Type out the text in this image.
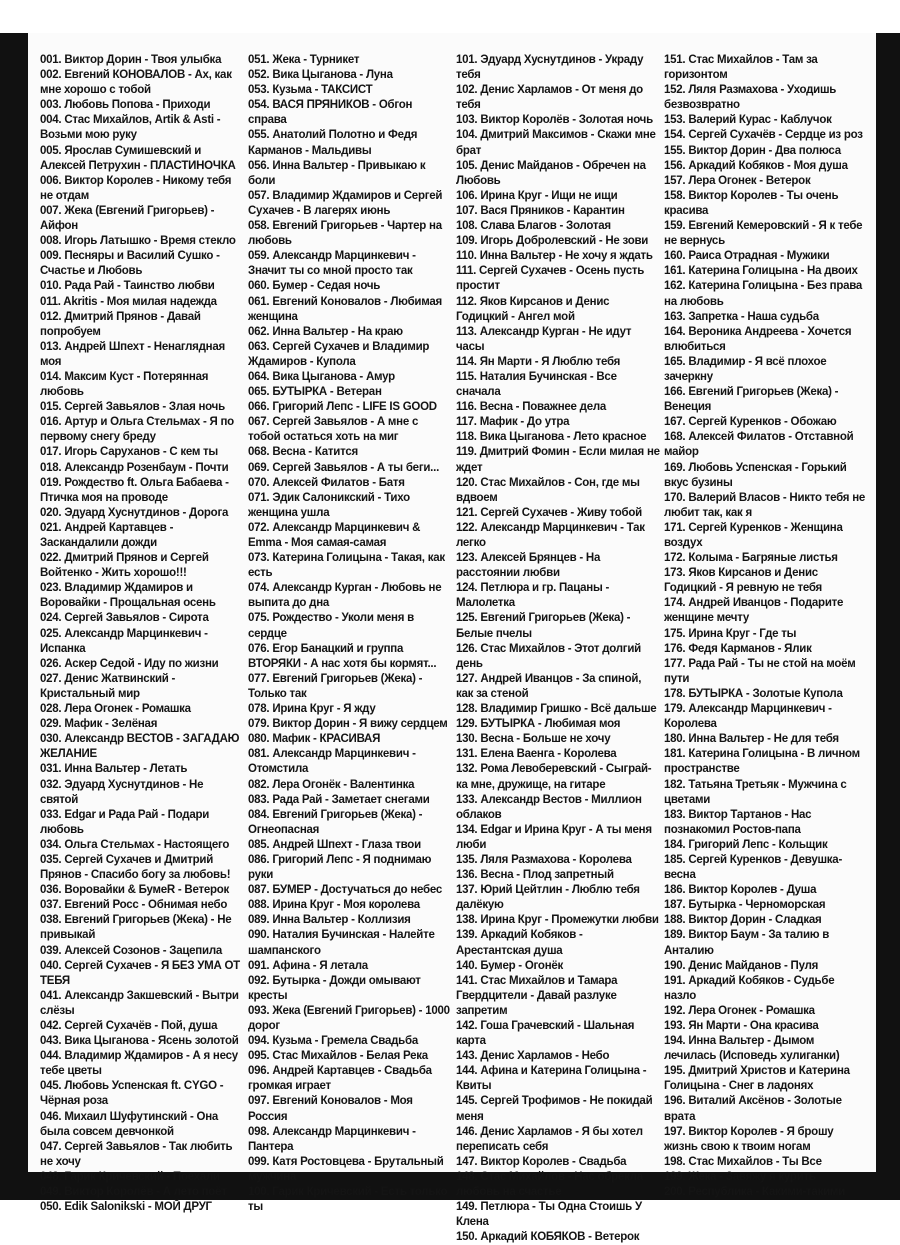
001. Виктор Дорин - Твоя улыбка
002. Евгений КОНОВАЛОВ - Ах, как мне хорошо с тобой
003. Любовь Попова - Приходи
004. Стас Михайлов, Artik & Asti - Возьми мою руку
005. Ярослав Сумишевский и Алексей Петрухин - ПЛАСТИНОЧКА
006. Виктор Королев - Никому тебя не отдам
007. Жека (Евгений Григорьев) - Айфон
008. Игорь Латышко - Время стекло
009. Песняры и Василий Сушко - Счастье и Любовь
010. Рада Рай - Таинство любви
011. Akritis - Моя милая надежда
012. Дмитрий Прянов - Давай попробуем
013. Андрей Шпехт - Ненаглядная моя
014. Максим Куст - Потерянная любовь
015. Сергей Завьялов - Злая ночь
016. Артур и Ольга Стельмах - Я по первому снегу бреду
017. Игорь Саруханов - С кем ты
018. Александр Розенбаум - Почти
019. Рождество ft. Ольга Бабаева - Птичка моя на проводе
020. Эдуард Хуснутдинов - Дорога
021. Андрей Картавцев - Заскандалили дожди
022. Дмитрий Прянов и Сергей Войтенко - Жить хорошо!!!
023. Владимир Ждамиров и Воровайки - Прощальная осень
024. Сергей Завьялов - Сирота
025. Александр Марцинкевич - Испанка
026. Аскер Седой - Иду по жизни
027. Денис Жатвинский - Кристальный мир
028. Лера Огонек - Ромашка
029. Мафик - Зелёная
030. Александр ВЕСТОВ - ЗАГАДАЮ ЖЕЛАНИЕ
031. Инна Вальтер - Летать
032. Эдуард Хуснутдинов - Не святой
033. Edgar и Рада Рай - Подари любовь
034. Ольга Стельмах - Настоящего
035. Сергей Сухачев и Дмитрий Прянов - Спасибо богу за любовь!
036. Воровайки & БумеR - Ветерок
037. Евгений Росс - Обнимая небо
038. Евгений Григорьев (Жека) - Не привыкай
039. Алексей Созонов - Зацепила
040. Сергей Сухачев - Я БЕЗ УМА ОТ ТЕБЯ
041. Александр Закшевский - Вытри слёзы
042. Сергей Сухачёв - Пой, душа
043. Вика Цыганова - Ясень золотой
044. Владимир Ждамиров - А я несу тебе цветы
045. Любовь Успенская ft. CYGO - Чёрная роза
046. Михаил Шуфутинский - Она была совсем девчонкой
047. Сергей Завьялов - Так любить не хочу
048. Гарик Кричевский - Поехали
049. Виктор Королёв - А лето поёт
050. Edik Salonikski - МОЙ ДРУГ
051. Жека - Турникет
052. Вика Цыганова - Луна
053. Кузьма - ТАКСИСТ
054. ВАСЯ ПРЯНИКОВ - Обгон справа
055. Анатолий Полотно и Федя Карманов - Мальдивы
056. Инна Вальтер - Привыкаю к боли
057. Владимир Ждамиров и Сергей Сухачев - В лагерях июнь
058. Евгений Григорьев - Чартер на любовь
059. Александр Марцинкевич - Значит ты со мной просто так
060. Бумер - Седая ночь
061. Евгений Коновалов - Любимая женщина
062. Инна Вальтер - На краю
063. Сергей Сухачев и Владимир Ждамиров - Купола
064. Вика Цыганова - Амур
065. БУТЫРКА - Ветеран
066. Григорий Лепс - LIFE IS GOOD
067. Сергей Завьялов - А мне с тобой остаться хоть на миг
068. Весна - Катится
069. Сергей Завьялов - А ты беги...
070. Алексей Филатов - Батя
071. Эдик Салоникский - Тихо женщина ушла
072. Александр Марцинкевич & Emma - Моя самая-самая
073. Катерина Голицына - Такая, как есть
074. Александр Курган - Любовь не выпита до дна
075. Рождество - Уколи меня в сердце
076. Егор Банацкий и группа ВТОРЯКИ - А нас хотя бы кормят...
077. Евгений Григорьев (Жека) - Только так
078. Ирина Круг - Я жду
079. Виктор Дорин - Я вижу сердцем
080. Мафик - КРАСИВАЯ
081. Александр Марцинкевич - Отомстила
082. Лера Огонёк - Валентинка
083. Рада Рай - Заметает снегами
084. Евгений Григорьев (Жека) - Огнеопасная
085. Андрей Шпехт - Глаза твои
086. Григорий Лепс - Я поднимаю руки
087. БУМЕР - Достучаться до небес
088. Ирина Круг - Моя королева
089. Инна Вальтер - Коллизия
090. Наталия Бучинская - Налейте шампанского
091. Афина - Я летала
092. Бутырка - Дожди омывают кресты
093. Жека (Евгений Григорьев) - 1000 дорог
094. Кузьма - Гремела Свадьба
095. Стас Михайлов - Белая Река
096. Андрей Картавцев - Свадьба громкая играет
097. Евгений Коновалов - Моя Россия
098. Александр Марцинкевич - Пантера
099. Катя Ростовцева - Брутальный мужчина
100. Гарик Кричевский - Есть только ты
101. Эдуард Хуснутдинов - Украду тебя
102. Денис Харламов - От меня до тебя
103. Виктор Королёв - Золотая ночь
104. Дмитрий Максимов - Скажи мне брат
105. Денис Майданов - Обречен на Любовь
106. Ирина Круг - Ищи не ищи
107. Вася Пряников - Карантин
108. Слава Благов - Золотая
109. Игорь Добролевский - Не зови
110. Инна Вальтер - Не хочу я ждать
111. Сергей Сухачев - Осень пусть простит
112. Яков Кирсанов и Денис Годицкий - Ангел мой
113. Александр Курган - Не идут часы
114. Ян Марти - Я Люблю тебя
115. Наталия Бучинская - Все сначала
116. Весна - Поважнее дела
117. Мафик - До утра
118. Вика Цыганова - Лето красное
119. Дмитрий Фомин - Если милая не ждет
120. Стас Михайлов - Сон, где мы вдвоем
121. Сергей Сухачев - Живу тобой
122. Александр Марцинкевич - Так легко
123. Алексей Брянцев - На расстоянии любви
124. Петлюра и гр. Пацаны - Малолетка
125. Евгений Григорьев (Жека) - Белые пчелы
126. Стас Михайлов - Этот долгий день
127. Андрей Иванцов - За спиной, как за стеной
128. Владимир Гришко - Всё дальше
129. БУТЫРКА - Любимая моя
130. Весна - Больше не хочу
131. Елена Ваенга - Королева
132. Рома Левоберевский - Сыграй-ка мне, дружище, на гитаре
133. Александр Вестов - Миллион облаков
134. Edgar и Ирина Круг - А ты меня люби
135. Ляля Размахова - Королева
136. Весна - Плод запретный
137. Юрий Цейтлин - Люблю тебя далёкую
138. Ирина Круг - Промежутки любви
139. Аркадий Кобяков - Арестантская душа
140. Бумер - Огонёк
141. Стас Михайлов и Тамара Гвердцители - Давай разлуке запретим
142. Гоша Грачевский - Шальная карта
143. Денис Харламов - Небо
144. Афина и Катерина Голицына - Квиты
145. Сергей Трофимов - Не покидай меня
146. Денис Харламов - Я бы хотел переписать себя
147. Виктор Королев - Свадьба
148. Стас Михайлов - Нас обрекла любовь на счастье
149. Петлюра - Ты Одна Стоишь У Клена
150. Аркадий КОБЯКОВ - Ветерок
151. Стас Михайлов - Там за горизонтом
152. Ляля Размахова - Уходишь безвозвратно
153. Валерий Курас - Каблучок
154. Сергей Сухачёв - Сердце из роз
155. Виктор Дорин - Два полюса
156. Аркадий Кобяков - Моя душа
157. Лера Огонек - Ветерок
158. Виктор Королев - Ты очень красива
159. Евгений Кемеровский - Я к тебе не вернусь
160. Раиса Отрадная - Мужики
161. Катерина Голицына - На двоих
162. Катерина Голицына - Без права на любовь
163. Запретка - Наша судьба
164. Вероника Андреева - Хочется влюбиться
165. Владимир - Я всё плохое зачеркну
166. Евгений Григорьев (Жека) - Венеция
167. Сергей Куренков - Обожаю
168. Алексей Филатов - Отставной майор
169. Любовь Успенская - Горький вкус бузины
170. Валерий Власов - Никто тебя не любит так, как я
171. Сергей Куренков - Женщина воздух
172. Колыма - Багряные листья
173. Яков Кирсанов и Денис Годицкий - Я ревную не тебя
174. Андрей Иванцов - Подарите женщине мечту
175. Ирина Круг - Где ты
176. Федя Карманов - Ялик
177. Рада Рай - Ты не стой на моём пути
178. БУТЫРКА - Золотые Купола
179. Александр Марцинкевич - Королева
180. Инна Вальтер - Не для тебя
181. Катерина Голицына - В личном пространстве
182. Татьяна Третьяк - Мужчина с цветами
183. Виктор Тартанов - Нас познакомил Ростов-папа
184. Григорий Лепс - Кольщик
185. Сергей Куренков - Девушка-весна
186. Виктор Королев - Душа
187. Бутырка - Черноморская
188. Виктор Дорин - Сладкая
189. Виктор Баум - За талию в Анталию
190. Денис Майданов - Пуля
191. Аркадий Кобяков - Судьбе назло
192. Лера Огонек - Ромашка
193. Ян Марти - Она красива
194. Инна Вальтер - Дымом лечилась (Исповедь хулиганки)
195. Дмитрий Христов и Катерина Голицына - Снег в ладонях
196. Виталий Аксёнов - Золотые врата
197. Виктор Королев - Я брошу жизнь свою к твоим ногам
198. Стас Михайлов - Ты Все
199. Жека - Завяжу я курить
200. Республика - Какими-такими
